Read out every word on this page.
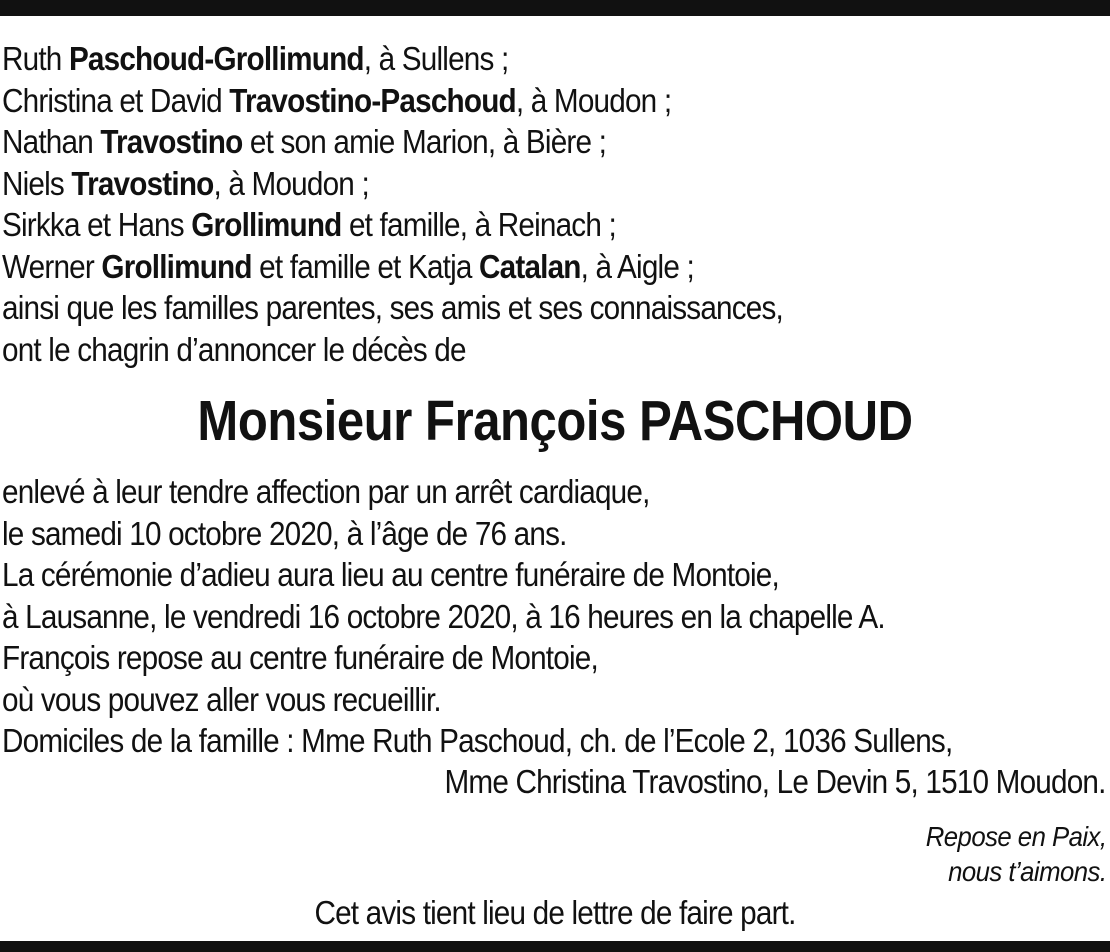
Ruth Paschoud-Grollimund, à Sullens ;
Christina et David Travostino-Paschoud, à Moudon ;
Nathan Travostino et son amie Marion, à Bière ;
Niels Travostino, à Moudon ;
Sirkka et Hans Grollimund et famille, à Reinach ;
Werner Grollimund et famille et Katja Catalan, à Aigle ;
ainsi que les familles parentes, ses amis et ses connaissances,
ont le chagrin d’annoncer le décès de
Monsieur François PASCHOUD
enlevé à leur tendre affection par un arrêt cardiaque,
le samedi 10 octobre 2020, à l’âge de 76 ans.
La cérémonie d’adieu aura lieu au centre funéraire de Montoie,
à Lausanne, le vendredi 16 octobre 2020, à 16 heures en la chapelle A.
François repose au centre funéraire de Montoie,
où vous pouvez aller vous recueillir.
Domiciles de la famille : Mme Ruth Paschoud, ch. de l’Ecole 2, 1036 Sullens,
Mme Christina Travostino, Le Devin 5, 1510 Moudon.
Repose en Paix,
nous t’aimons.
Cet avis tient lieu de lettre de faire part.
